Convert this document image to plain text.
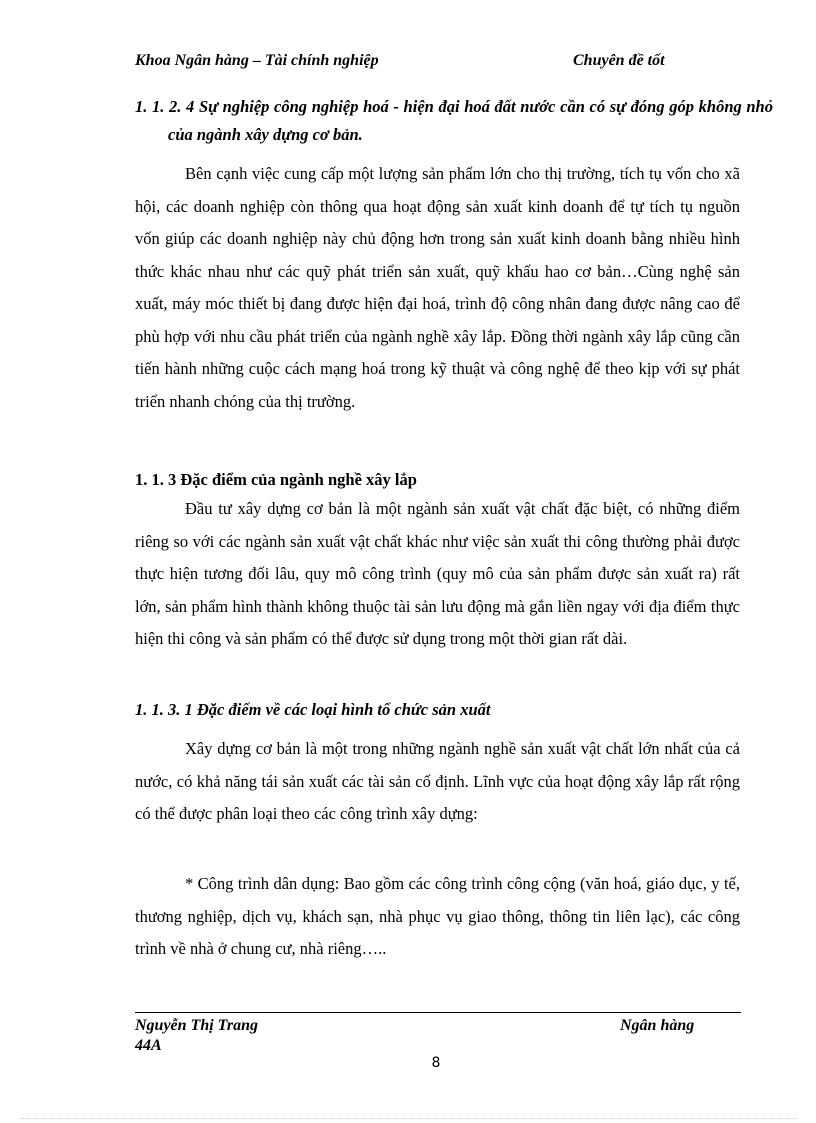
Khoa Ngân hàng – Tài chính nghiệp	Chuyên đề tốt
1. 1. 2. 4 Sự nghiệp công nghiệp hoá - hiện đại hoá đất nước cần có sự đóng góp không nhỏ của ngành xây dựng cơ bản.
Bên cạnh việc cung cấp một lượng sản phẩm lớn cho thị trường, tích tụ vốn cho xã hội, các doanh nghiệp còn thông qua hoạt động sản xuất kinh doanh để tự tích tụ nguồn vốn giúp các doanh nghiệp này chủ động hơn trong sản xuất kinh doanh bằng nhiều hình thức khác nhau như các quỹ phát triển sản xuất, quỹ khấu hao cơ bản…Cùng nghệ sản xuất, máy móc thiết bị đang được hiện đại hoá, trình độ công nhân đang được nâng cao để phù hợp với nhu cầu phát triển của ngành nghề xây lắp. Đồng thời ngành xây lắp cũng cần tiến hành những cuộc cách mạng hoá trong kỹ thuật và công nghệ để theo kịp với sự phát triển nhanh chóng của thị trường.
1. 1. 3 Đặc điểm của ngành nghề xây lắp
Đầu tư xây dựng cơ bản là một ngành sản xuất vật chất đặc biệt, có những điểm riêng so với các ngành sản xuất vật chất khác như việc sản xuất thi công thường phải được thực hiện tương đối lâu, quy mô công trình (quy mô của sản phẩm được sản xuất ra) rất lớn, sản phẩm hình thành không thuộc tài sản lưu động mà gắn liền ngay với địa điểm thực hiện thi công và sản phẩm có thể được sử dụng trong một thời gian rất dài.
1. 1. 3. 1 Đặc điểm về các loại hình tổ chức sản xuất
Xây dựng cơ bản là một trong những ngành nghề sản xuất vật chất lớn nhất của cả nước, có khả năng tái sản xuất các tài sản cố định. Lĩnh vực của hoạt động xây lắp rất rộng có thể được phân loại theo các công trình xây dựng:
* Công trình dân dụng: Bao gồm các công trình công cộng (văn hoá, giáo dục, y tế, thương nghiệp, dịch vụ, khách sạn, nhà phục vụ giao thông, thông tin liên lạc), các công trình về nhà ở chung cư, nhà riêng…..
Nguyễn Thị Trang 44A
Ngân hàng
8
